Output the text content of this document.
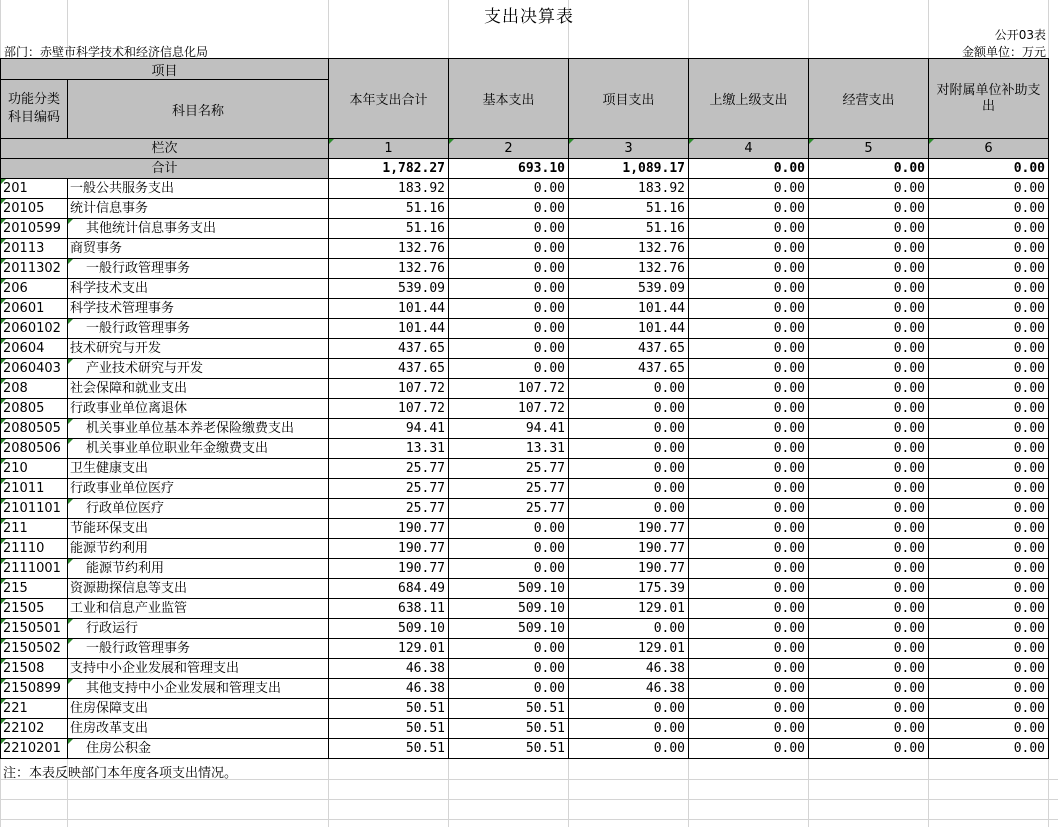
支出决算表
公开03表
部门：赤壁市科学技术和经济信息化局	金额单位：万元
项目		本年支出合计	基本支出	项目支出	上缴上级支出	经营支出	对附属单位补助支出
功能分类科目编码	科目名称						
栏次		1	2	3	4	5	6
合计		1,782.27	693.10	1,089.17	0.00	0.00	0.00
201	一般公共服务支出	183.92	0.00	183.92	0.00	0.00	0.00
20105	统计信息事务	51.16	0.00	51.16	0.00	0.00	0.00
2010599	其他统计信息事务支出	51.16	0.00	51.16	0.00	0.00	0.00
20113	商贸事务	132.76	0.00	132.76	0.00	0.00	0.00
2011302	一般行政管理事务	132.76	0.00	132.76	0.00	0.00	0.00
206	科学技术支出	539.09	0.00	539.09	0.00	0.00	0.00
20601	科学技术管理事务	101.44	0.00	101.44	0.00	0.00	0.00
2060102	一般行政管理事务	101.44	0.00	101.44	0.00	0.00	0.00
20604	技术研究与开发	437.65	0.00	437.65	0.00	0.00	0.00
2060403	产业技术研究与开发	437.65	0.00	437.65	0.00	0.00	0.00
208	社会保障和就业支出	107.72	107.72	0.00	0.00	0.00	0.00
20805	行政事业单位离退休	107.72	107.72	0.00	0.00	0.00	0.00
2080505	机关事业单位基本养老保险缴费支出	94.41	94.41	0.00	0.00	0.00	0.00
2080506	机关事业单位职业年金缴费支出	13.31	13.31	0.00	0.00	0.00	0.00
210	卫生健康支出	25.77	25.77	0.00	0.00	0.00	0.00
21011	行政事业单位医疗	25.77	25.77	0.00	0.00	0.00	0.00
2101101	行政单位医疗	25.77	25.77	0.00	0.00	0.00	0.00
211	节能环保支出	190.77	0.00	190.77	0.00	0.00	0.00
21110	能源节约利用	190.77	0.00	190.77	0.00	0.00	0.00
2111001	能源节约利用	190.77	0.00	190.77	0.00	0.00	0.00
215	资源勘探信息等支出	684.49	509.10	175.39	0.00	0.00	0.00
21505	工业和信息产业监管	638.11	509.10	129.01	0.00	0.00	0.00
2150501	行政运行	509.10	509.10	0.00	0.00	0.00	0.00
2150502	一般行政管理事务	129.01	0.00	129.01	0.00	0.00	0.00
21508	支持中小企业发展和管理支出	46.38	0.00	46.38	0.00	0.00	0.00
2150899	其他支持中小企业发展和管理支出	46.38	0.00	46.38	0.00	0.00	0.00
221	住房保障支出	50.51	50.51	0.00	0.00	0.00	0.00
22102	住房改革支出	50.51	50.51	0.00	0.00	0.00	0.00
2210201	住房公积金	50.51	50.51	0.00	0.00	0.00	0.00
注：本表反映部门本年度各项支出情况。
